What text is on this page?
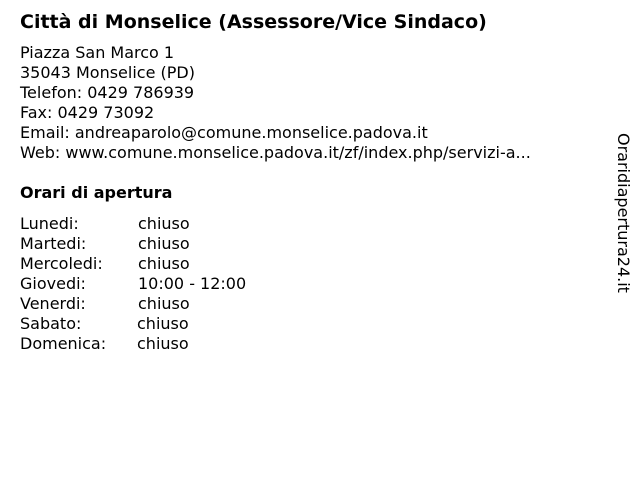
Città di Monselice (Assessore/Vice Sindaco)
Piazza San Marco 1
35043 Monselice (PD)
Telefon: 0429 786939
Fax: 0429 73092
Email: andreaparolo@comune.monselice.padova.it
Web: www.comune.monselice.padova.it/zf/index.php/servizi-a...
Orari di apertura
Lunedi:	chiuso
Martedi:	chiuso
Mercoledi: chiuso
Giovedi:	10:00 - 12:00
Venerdi:	chiuso
Sabato:	chiuso
Domenica: chiuso
Oraridiapertura24.it
